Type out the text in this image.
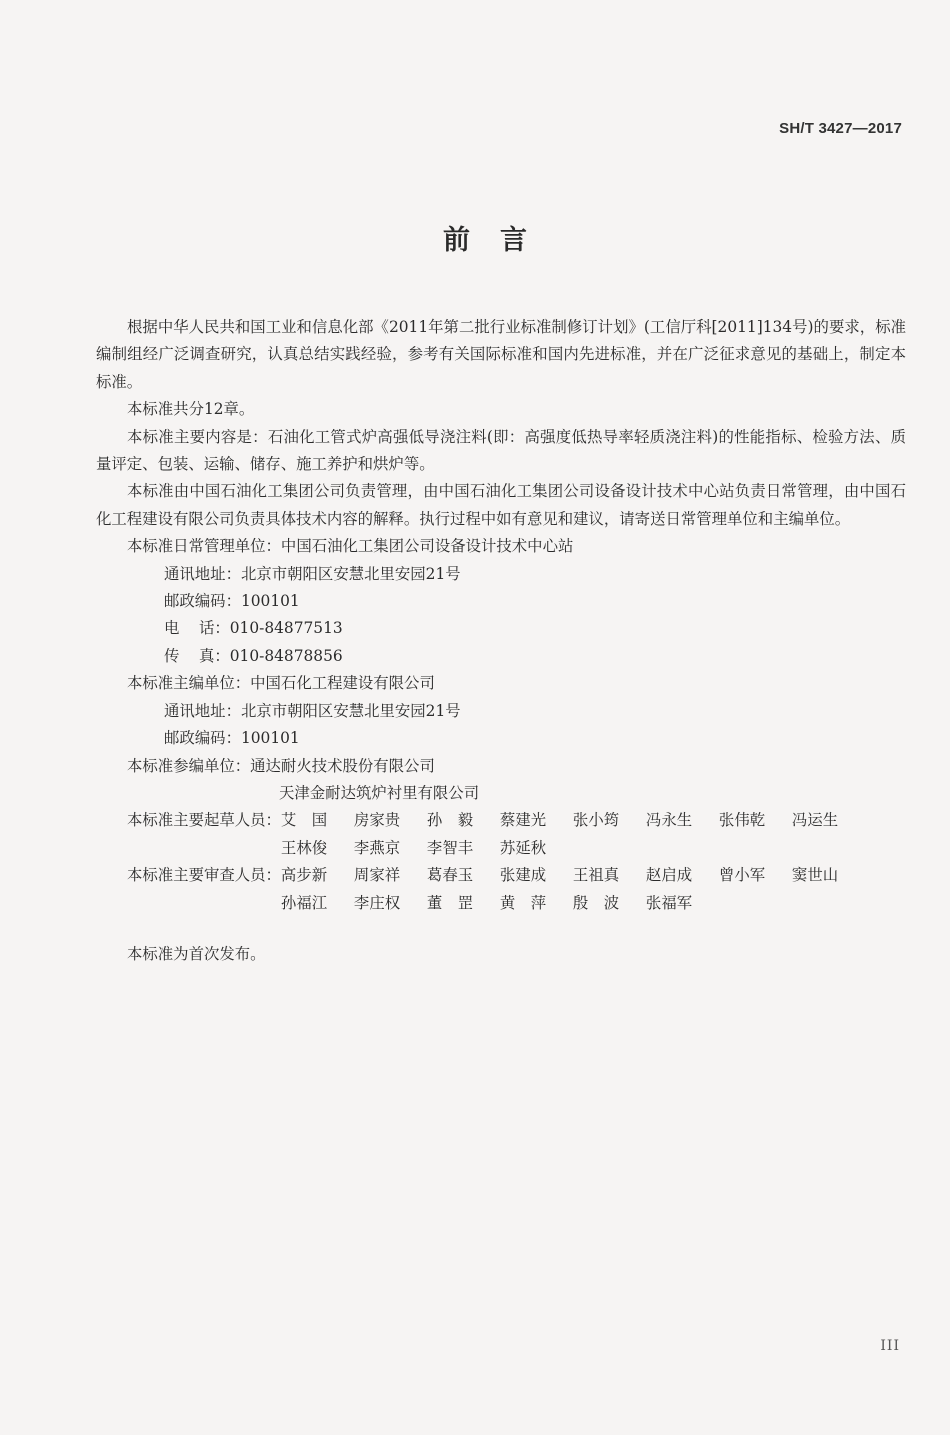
SH/T 3427—2017
前言

根据中华人民共和国工业和信息化部《2011年第二批行业标准制修订计划》(工信厅科[2011]134号)的要求，标准编制组经广泛调查研究，认真总结实践经验，参考有关国际标准和国内先进标准，并在广泛征求意见的基础上，制定本标准。

本标准共分12章。

本标准主要内容是：石油化工管式炉高强低导浇注料(即：高强度低热导率轻质浇注料)的性能指标、检验方法、质量评定、包装、运输、储存、施工养护和烘炉等。

本标准由中国石油化工集团公司负责管理，由中国石油化工集团公司设备设计技术中心站负责日常管理，由中国石化工程建设有限公司负责具体技术内容的解释。执行过程中如有意见和建议，请寄送日常管理单位和主编单位。

本标准日常管理单位： 中国石油化工集团公司设备设计技术中心站
通讯地址： 北京市朝阳区安慧北里安园21号
邮政编码： 100101
电    话： 010-84877513
传    真： 010-84878856
本标准主编单位： 中国石化工程建设有限公司
通讯地址： 北京市朝阳区安慧北里安园21号
邮政编码： 100101
本标准参编单位： 通达耐火技术股份有限公司
天津金耐达筑炉衬里有限公司
本标准主要起草人员： 艾　国	房家贵	孙　毅	蔡建光	张小筠	冯永生	张伟乾	冯运生
王林俊	李燕京	李智丰	苏延秋
本标准主要审查人员： 高步新	周家祥	葛春玉	张建成	王祖真	赵启成	曾小军	窦世山
孙福江	李庄权	董　罡	黄　萍	殷　波	张福军
本标准为首次发布。
III
